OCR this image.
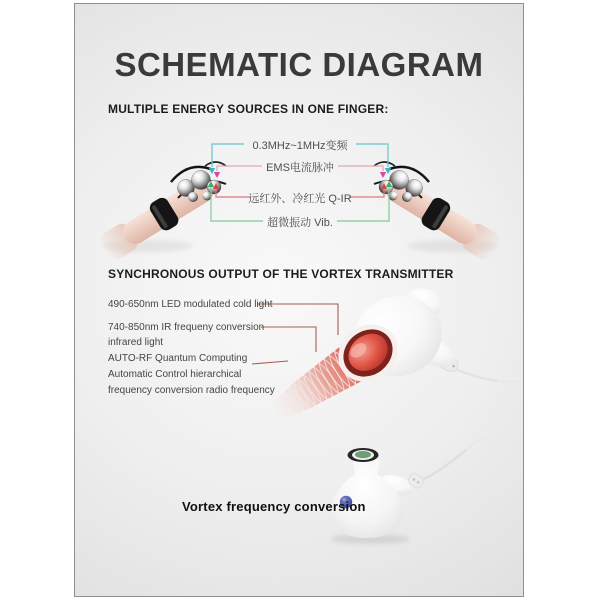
SCHEMATIC DIAGRAM
MULTIPLE ENERGY SOURCES IN ONE FINGER:
0.3MHz~1MHz变频
EMS电流脉冲
远红外、冷红光 Q-IR
超微振动 Vib.
SYNCHRONOUS OUTPUT OF THE VORTEX TRANSMITTER
490-650nm LED modulated cold light
740-850nm IR frequeny conversion
infrared light
AUTO-RF Quantum Computing
Automatic Control hierarchical
frequency conversion radio frequency
Vortex frequency conversion
